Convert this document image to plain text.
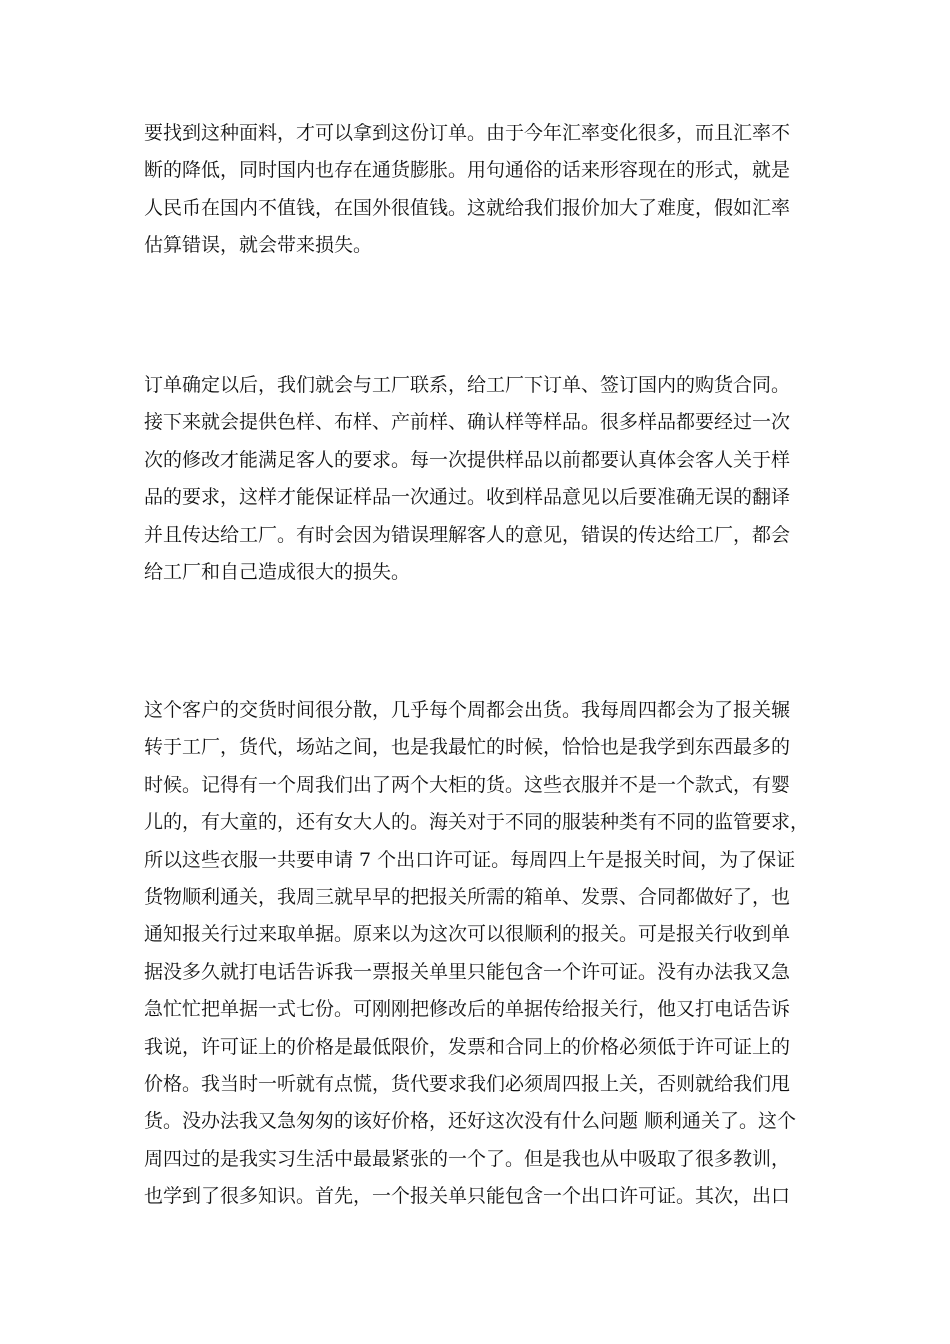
要找到这种面料，才可以拿到这份订单。由于今年汇率变化很多，而且汇率不
断的降低，同时国内也存在通货膨胀。用句通俗的话来形容现在的形式，就是
人民币在国内不值钱，在国外很值钱。这就给我们报价加大了难度，假如汇率
估算错误，就会带来损失。
订单确定以后，我们就会与工厂联系，给工厂下订单、签订国内的购货合同。
接下来就会提供色样、布样、产前样、确认样等样品。很多样品都要经过一次
次的修改才能满足客人的要求。每一次提供样品以前都要认真体会客人关于样
品的要求，这样才能保证样品一次通过。收到样品意见以后要准确无误的翻译
并且传达给工厂。有时会因为错误理解客人的意见，错误的传达给工厂，都会
给工厂和自己造成很大的损失。
这个客户的交货时间很分散，几乎每个周都会出货。我每周四都会为了报关辗
转于工厂，货代，场站之间，也是我最忙的时候，恰恰也是我学到东西最多的
时候。记得有一个周我们出了两个大柜的货。这些衣服并不是一个款式，有婴
儿的，有大童的，还有女大人的。海关对于不同的服装种类有不同的监管要求，
所以这些衣服一共要申请 7 个出口许可证。每周四上午是报关时间，为了保证
货物顺利通关，我周三就早早的把报关所需的箱单、发票、合同都做好了，也
通知报关行过来取单据。原来以为这次可以很顺利的报关。可是报关行收到单
据没多久就打电话告诉我一票报关单里只能包含一个许可证。没有办法我又急
急忙忙把单据一式七份。可刚刚把修改后的单据传给报关行，他又打电话告诉
我说，许可证上的价格是最低限价，发票和合同上的价格必须低于许可证上的
价格。我当时一听就有点慌，货代要求我们必须周四报上关，否则就给我们甩
货。没办法我又急匆匆的该好价格，还好这次没有什么问题 顺利通关了。这个
周四过的是我实习生活中最最紧张的一个了。但是我也从中吸取了很多教训，
也学到了很多知识。首先，一个报关单只能包含一个出口许可证。其次，出口
